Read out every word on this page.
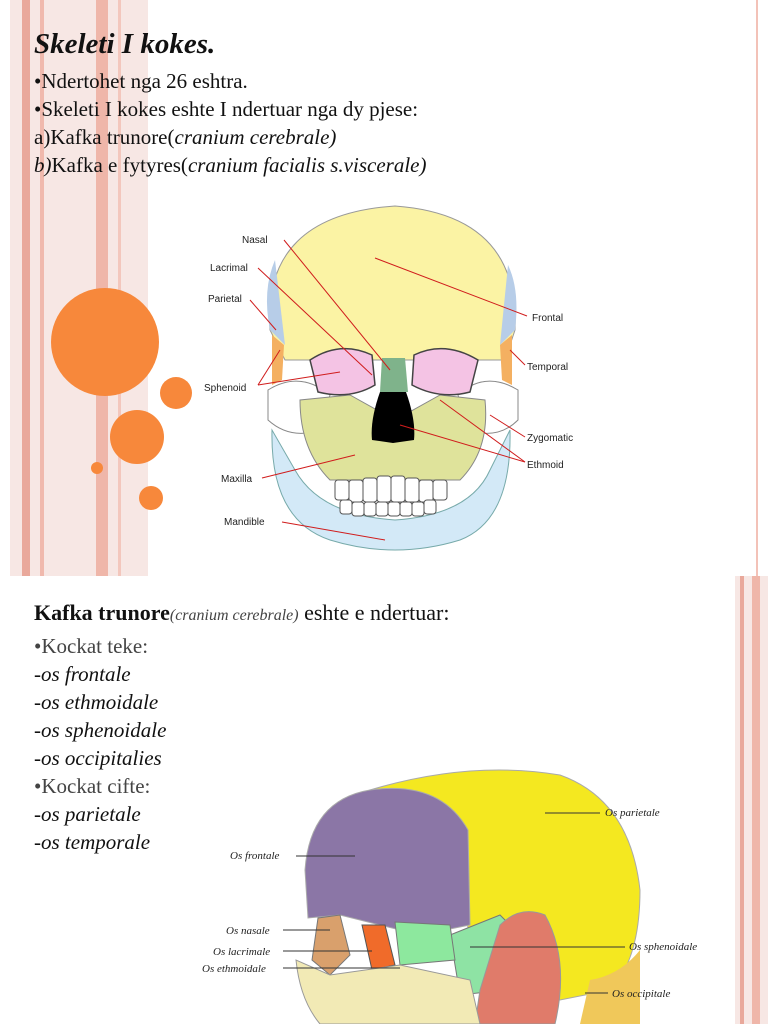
Skeleti I kokes.
•Ndertohet nga 26 eshtra.
•Skeleti I kokes eshte I ndertuar nga dy pjese:
a)Kafka trunore(cranium cerebrale)
b)Kafka e fytyres(cranium facialis s.viscerale)
Nasal
Lacrimal
Parietal
Sphenoid
Maxilla
Mandible
Frontal
Temporal
Zygomatic
Ethmoid
Kafka trunore(cranium cerebrale) eshte e ndertuar:
•Kockat teke:
-os frontale
-os ethmoidale
-os sphenoidale
-os occipitalies
•Kockat cifte:
-os parietale
-os temporale
Os parietale
Os frontale
Os nasale
Os lacrimale
Os ethmoidale
Os sphenoidale
Os occipitale
